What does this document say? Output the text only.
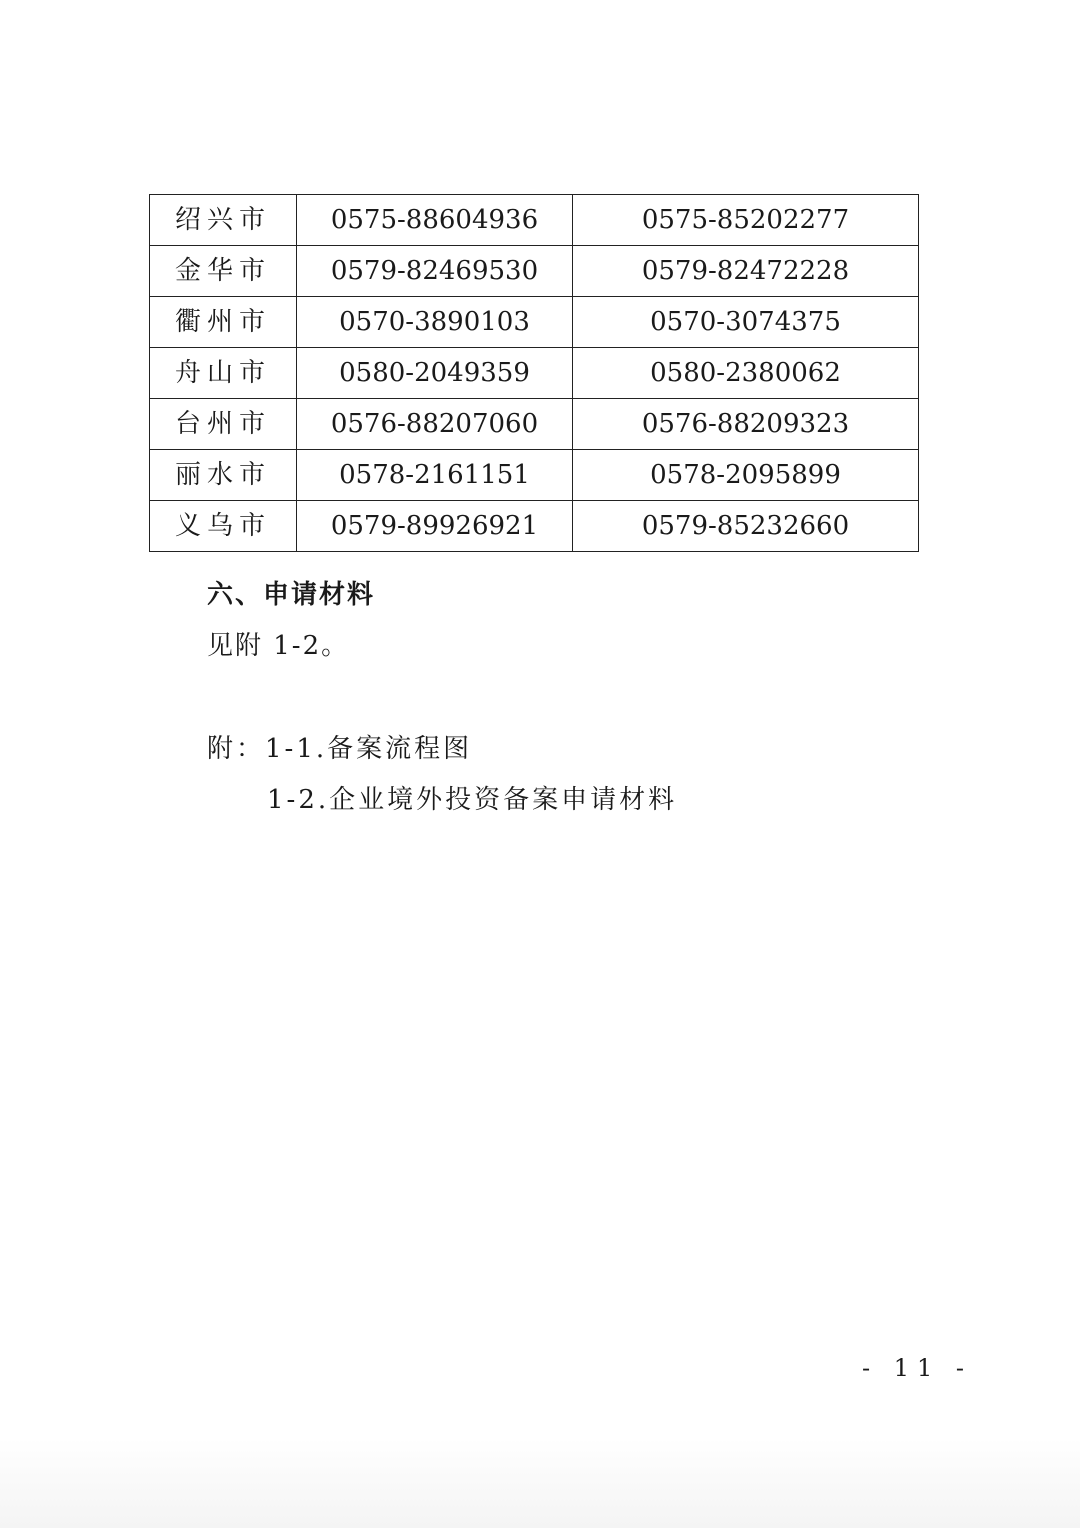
绍兴市	0575-88604936	0575-85202277
金华市	0579-82469530	0579-82472228
衢州市	0570-3890103	0570-3074375
舟山市	0580-2049359	0580-2380062
台州市	0576-88207060	0576-88209323
丽水市	0578-2161151	0578-2095899
义乌市	0579-89926921	0579-85232660
六、申请材料
见附 1-2。
附：1-1.备案流程图
1-2.企业境外投资备案申请材料
- 11 -
